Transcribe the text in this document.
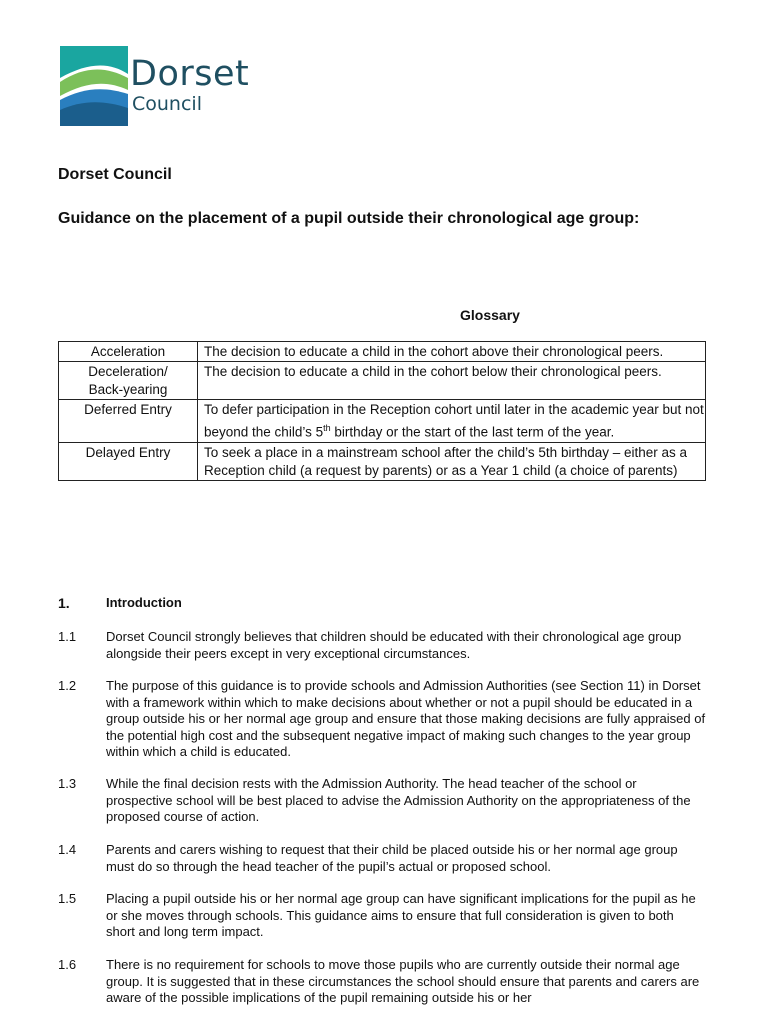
Dorset
Council
Dorset Council
Guidance on the placement of a pupil outside their chronological age group:
Glossary
Acceleration	The decision to educate a child in the cohort above their chronological peers.

Deceleration/ Back-yearing	The decision to educate a child in the cohort below their chronological peers.

Deferred Entry	To defer participation in the Reception cohort until later in the academic year but not beyond the child’s 5th birthday or the start of the last term of the year.

Delayed Entry	To seek a place in a mainstream school after the child’s 5th birthday – either as a Reception child (a request by parents) or as a Year 1 child (a choice of parents)
1.	Introduction
1.1 Dorset Council strongly believes that children should be educated with their chronological age group alongside their peers except in very exceptional circumstances.
1.2 The purpose of this guidance is to provide schools and Admission Authorities (see Section 11) in Dorset with a framework within which to make decisions about whether or not a pupil should be educated in a group outside his or her normal age group and ensure that those making decisions are fully appraised of the potential high cost and the subsequent negative impact of making such changes to the year group within which a child is educated.
1.3 While the final decision rests with the Admission Authority. The head teacher of the school or prospective school will be best placed to advise the Admission Authority on the appropriateness of the proposed course of action.
1.4 Parents and carers wishing to request that their child be placed outside his or her normal age group must do so through the head teacher of the pupil’s actual or proposed school.
1.5 Placing a pupil outside his or her normal age group can have significant implications for the pupil as he or she moves through schools. This guidance aims to ensure that full consideration is given to both short and long term impact.
1.6 There is no requirement for schools to move those pupils who are currently outside their normal age group. It is suggested that in these circumstances the school should ensure that parents and carers are aware of the possible implications of the pupil remaining outside his or her
